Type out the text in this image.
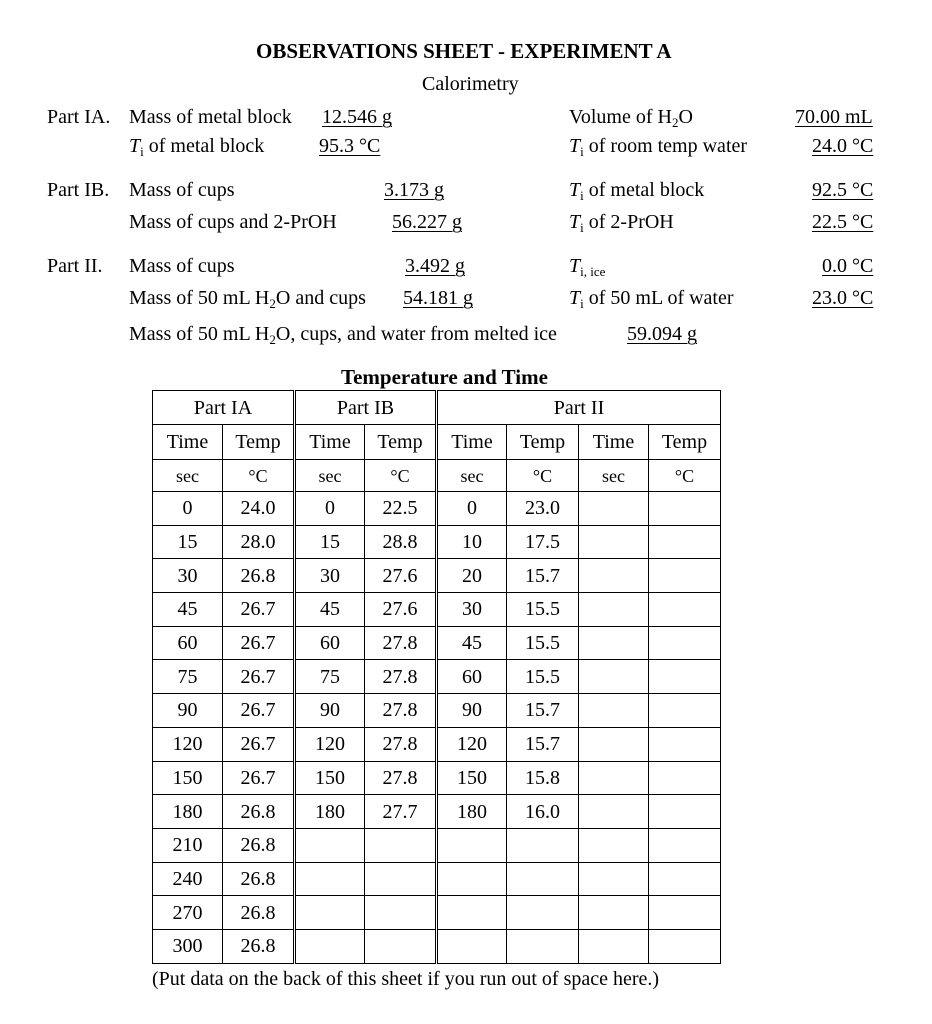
OBSERVATIONS SHEET - EXPERIMENT A
Calorimetry
Part IA. Mass of metal block 12.546 g
$T_i$ of metal block	95.3 °C
Volume of $H_2O$	70.00 mL
$T_i$ of room temp water	24.0 °C
Part IB. Mass of cups	3.173 g
Mass of cups and 2-PrOH	56.227 g
$T_i$ of metal block	92.5 °C
$T_i$ of 2-PrOH	22.5 °C
Part II. Mass of cups	3.492 g
Mass of 50 mL $H_2O$ and cups 54.181 g
Mass of 50 mL $H_2O$, cups, and water from melted ice	59.094 g
$T_{i, ice}$	0.0 °C
$T_i$ of 50 mL of water	23.0 °C
Temperature and Time
Part IA		Part IB		Part II			
Time	Temp	Time	Temp	Time	Temp	Time	Temp
sec	°C	sec	°C	sec	°C	sec	°C
0	24.0	0	22.5	0	23.0		
15	28.0	15	28.8	10	17.5		
30	26.8	30	27.6	20	15.7		
45	26.7	45	27.6	30	15.5		
60	26.7	60	27.8	45	15.5		
75	26.7	75	27.8	60	15.5		
90	26.7	90	27.8	90	15.7		
120	26.7	120	27.8	120	15.7		
150	26.7	150	27.8	150	15.8		
180	26.8	180	27.7	180	16.0		
210	26.8						
240	26.8						
270	26.8						
300	26.8						
(Put data on the back of this sheet if you run out of space here.)
